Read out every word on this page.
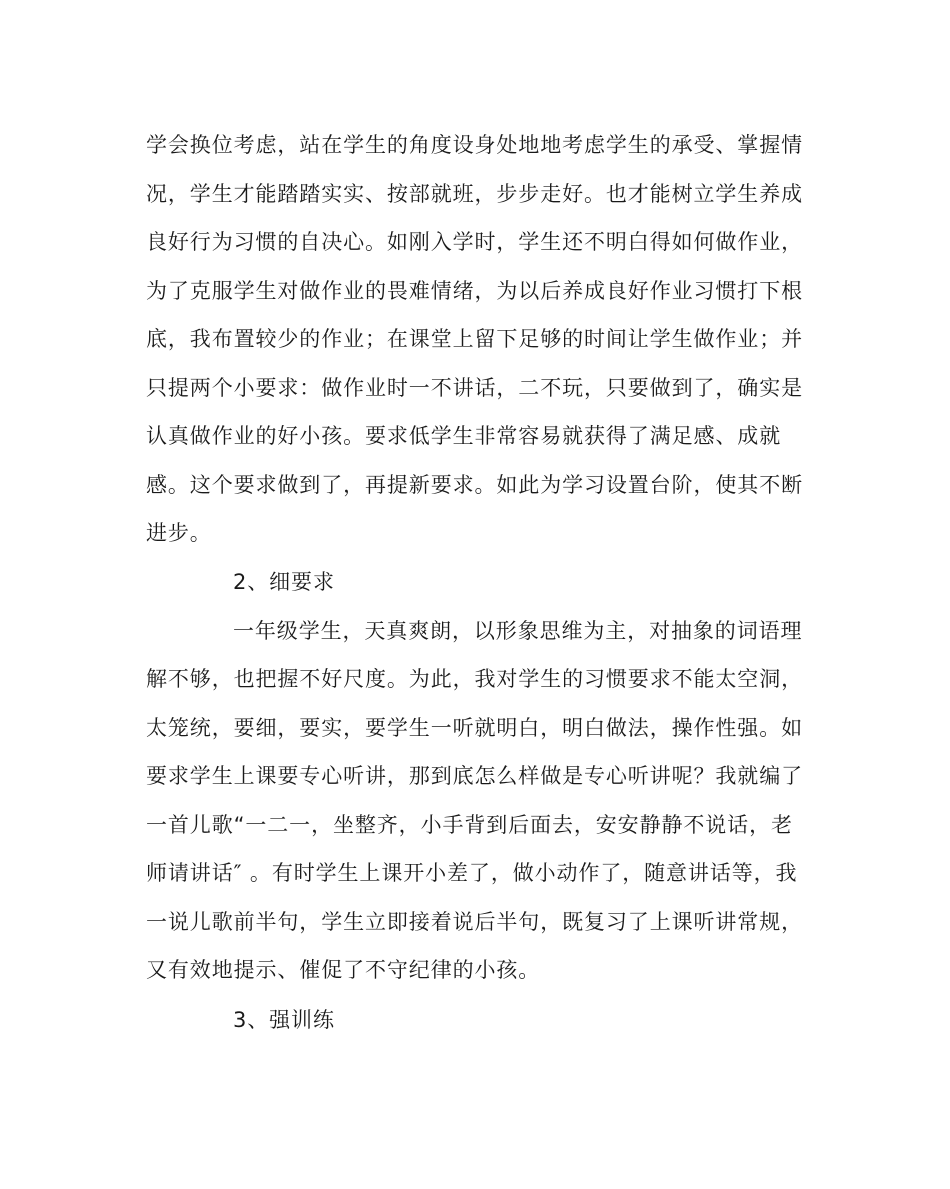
学会换位考虑，站在学生的角度设身处地地考虑学生的承受、掌握情
况，学生才能踏踏实实、按部就班，步步走好。也才能树立学生养成
良好行为习惯的自决心。如刚入学时，学生还不明白得如何做作业，
为了克服学生对做作业的畏难情绪，为以后养成良好作业习惯打下根
底，我布置较少的作业；在课堂上留下足够的时间让学生做作业；并
只提两个小要求：做作业时一不讲话，二不玩，只要做到了，确实是
认真做作业的好小孩。要求低学生非常容易就获得了满足感、成就
感。这个要求做到了，再提新要求。如此为学习设置台阶，使其不断
进步。
2、细要求
一年级学生，天真爽朗，以形象思维为主，对抽象的词语理
解不够，也把握不好尺度。为此，我对学生的习惯要求不能太空洞，
太笼统，要细，要实，要学生一听就明白，明白做法，操作性强。如
要求学生上课要专心听讲，那到底怎么样做是专心听讲呢？我就编了
一首儿歌“一二一，坐整齐，小手背到后面去，安安静静不说话，老
师请讲话″ 。有时学生上课开小差了，做小动作了，随意讲话等，我
一说儿歌前半句，学生立即接着说后半句，既复习了上课听讲常规，
又有效地提示、催促了不守纪律的小孩。
3、强训练
